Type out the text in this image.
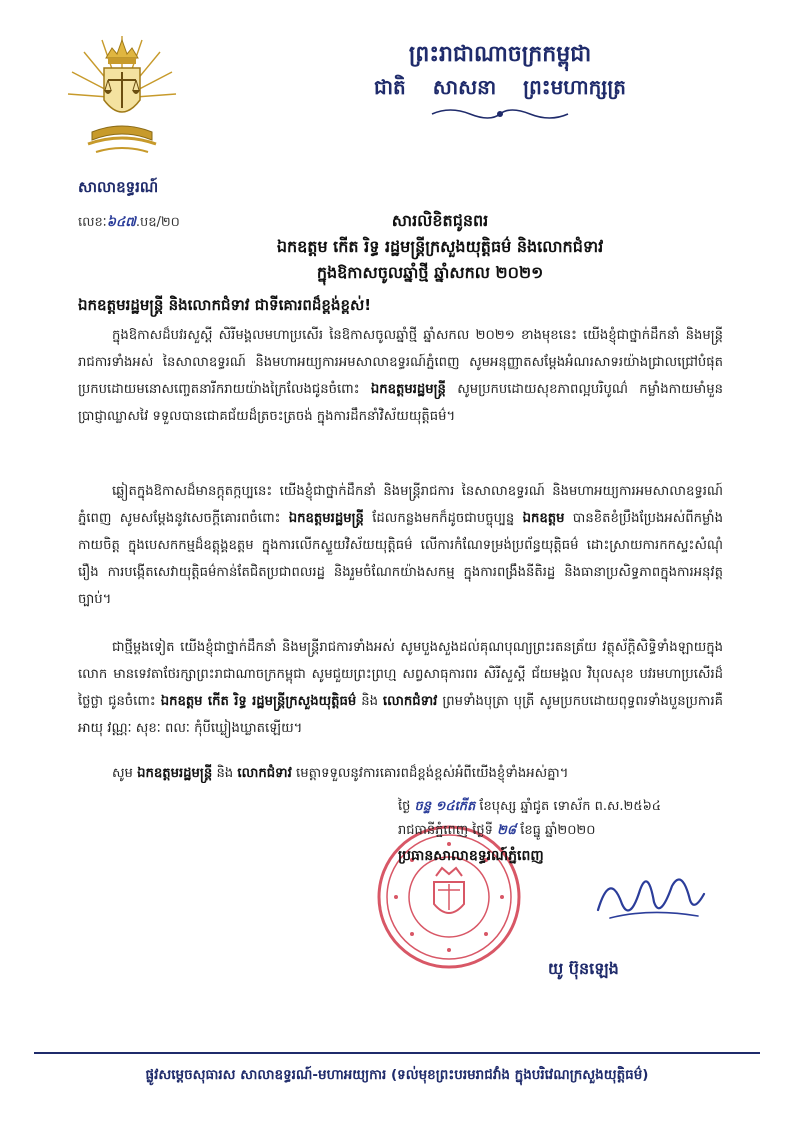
សាលាឧទ្ធរណ៍
ព្រះរាជាណាចក្រកម្ពុជា
ជាតិ សាសនា ព្រះមហាក្សត្រ
លេខៈ៦៤៧.បឧ/២០	សារលិខិតជូនពរ
ឯកឧត្តម កើត រិទ្ធ រដ្ឋមន្ត្រីក្រសួងយុត្តិធម៌ និងលោកជំទាវ
ក្នុងឱកាសចូលឆ្នាំថ្មី ឆ្នាំសកល ២០២១
ឯកឧត្តមរដ្ឋមន្ត្រី និងលោកជំទាវ ជាទីគោរពដ៏ខ្ពង់ខ្ពស់!
ក្នុងឱកាសដ៏បវរសួស្តី សិរីមង្គលមហាប្រសើរ នៃឱកាសចូលឆ្នាំថ្មី ឆ្នាំសកល ២០២១ ខាងមុខនេះ យើងខ្ញុំជាថ្នាក់ដឹកនាំ និងមន្ត្រីរាជការទាំងអស់ នៃសាលាឧទ្ធរណ៍ និងមហាអយ្យការអមសាលាឧទ្ធរណ៍ភ្នំពេញ សូមអនុញ្ញាតសម្តែងអំណរសាទរយ៉ាងជ្រាលជ្រៅបំផុត ប្រកបដោយមនោសញ្ចេតនារីករាយយ៉ាងក្រៃលែងជូនចំពោះ ឯកឧត្តមរដ្ឋមន្ត្រី សូមប្រកបដោយសុខភាពល្អបរិបូណ៌ កម្លាំងកាយមាំមួន ប្រាជ្ញាឈ្លាសវៃ ទទួលបានជោគជ័យដ៏ត្រចះត្រចង់ ក្នុងការដឹកនាំវិស័យយុត្តិធម៌។
ឆ្លៀតក្នុងឱកាសដ៏មានក្តុតក្កប្បនេះ យើងខ្ញុំជាថ្នាក់ដឹកនាំ និងមន្ត្រីរាជការ នៃសាលាឧទ្ធរណ៍ និងមហាអយ្យការអមសាលាឧទ្ធរណ៍ភ្នំពេញ សូមសម្តែងនូវសេចក្តីគោរពចំពោះ ឯកឧត្តមរដ្ឋមន្ត្រី ដែលកន្លងមកក៏ដូចជាបច្ចុប្បន្ន ឯកឧត្តម បានខិតខំប្រឹងប្រែងអស់ពីកម្លាំងកាយចិត្ត ក្នុងបេសកកម្មដ៏ឧត្តុង្គឧត្តម ក្នុងការលើកស្ទួយវិស័យយុត្តិធម៌ លើការកំណែទម្រង់ប្រព័ន្ធយុត្តិធម៌ ដោះស្រាយការកកស្ទះសំណុំរឿង ការបង្កើតសេវាយុត្តិធម៌កាន់តែជិតប្រជាពលរដ្ឋ និងរួមចំណែកយ៉ាងសកម្ម ក្នុងការពង្រឹងនីតិរដ្ឋ និងធានាប្រសិទ្ធភាពក្នុងការអនុវត្តច្បាប់។
ជាថ្មីម្តងទៀត យើងខ្ញុំជាថ្នាក់ដឹកនាំ និងមន្ត្រីរាជការទាំងអស់ សូមបួងសួងដល់គុណបុណ្យព្រះរតនត្រ័យ វត្ថុស័ក្តិសិទ្ធិទាំងឡាយក្នុងលោក មានទេវតាថែរក្សាព្រះរាជាណាចក្រកម្ពុជា សូមជួយព្រះព្រហ្ម សព្វសាធុការពរ សិរីសួស្តី ជ័យមង្គល វិបុលសុខ បវរមហាប្រសើរដ៏ថ្លៃថ្លា ជូនចំពោះ ឯកឧត្តម កើត រិទ្ធ រដ្ឋមន្ត្រីក្រសួងយុត្តិធម៌ និង លោកជំទាវ ព្រមទាំងបុត្រា បុត្រី សូមប្រកបដោយពុទ្ធពរទាំងបួនប្រការគឺ អាយុ វណ្ណៈ សុខៈ ពលៈ កុំបីឃ្លៀងឃ្លាតឡើយ។
សូម ឯកឧត្តមរដ្ឋមន្ត្រី និង លោកជំទាវ មេត្តាទទួលនូវការគោរពដ៏ខ្ពង់ខ្ពស់អំពីយើងខ្ញុំទាំងអស់គ្នា។
ថ្ងៃ ចន្ទ ១៤កើត ខែបុស្ស ឆ្នាំជូត ទោស័ក ព.ស.២៥៦៤
រាជធានីភ្នំពេញ ថ្ងៃទី ២៨ ខែធ្នូ ឆ្នាំ២០២០
ប្រធានសាលាឧទ្ធរណ៍ភ្នំពេញ
យូ ប៊ុនឡេង
ផ្លូវសម្តេចសុធារស សាលាឧទ្ធរណ៍-មហាអយ្យការ (ទល់មុខព្រះបរមរាជវាំង ក្នុងបរិវេណក្រសួងយុត្តិធម៌)
